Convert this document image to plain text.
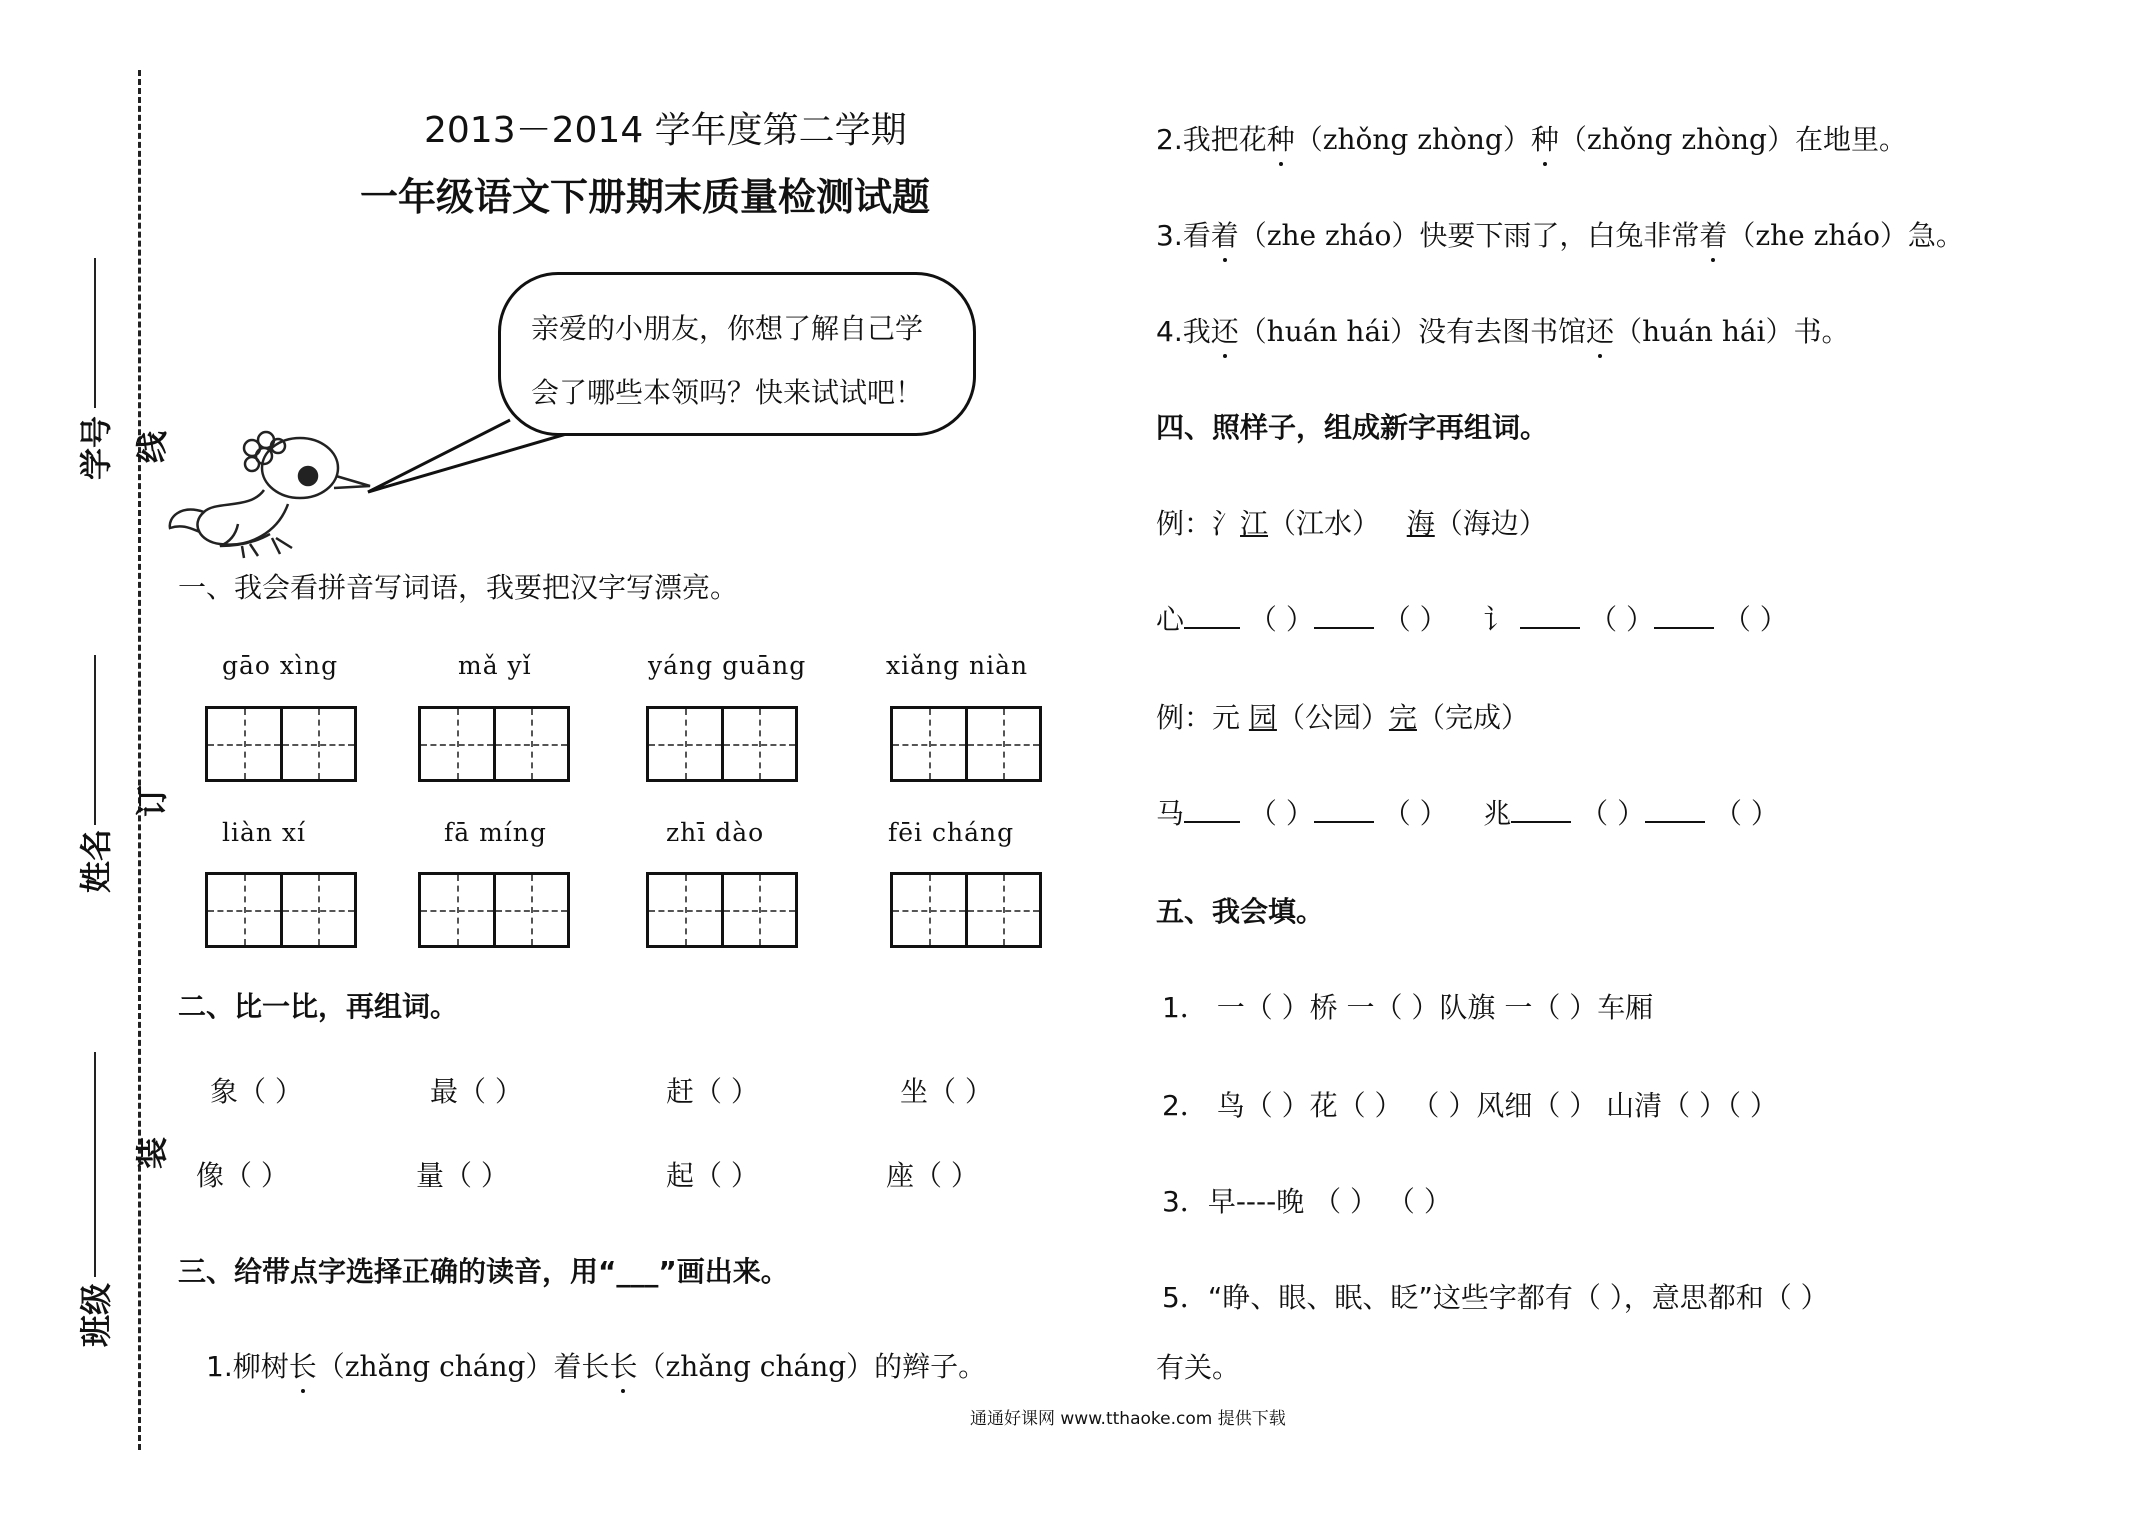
学号
姓名
班级
线
订
装
2013－2014 学年度第二学期
一年级语文下册期末质量检测试题
亲爱的小朋友，你想了解自己学
会了哪些本领吗？快来试试吧！
一、我会看拼音写词语，我要把汉字写漂亮。
gāo xìng	mǎ yǐ	yáng guāng	xiǎng niàn
liàn xí	fā míng	zhī dào	fēi cháng
二、比一比，再组词。
象（ ）	最（ ）	赶（ ）	坐（ ）
像（ ）	量（ ）	起（ ）	座（ ）
三、给带点字选择正确的读音，用“___”画出来。
1.柳树长（zhǎng cháng）着长长（zhǎng cháng）的辫子。
2.我把花种（zhǒng zhòng）种（zhǒng zhòng）在地里。
3.看着（zhe zháo）快要下雨了，白兔非常着（zhe zháo）急。
4.我还（huán hái）没有去图书馆还（huán hái）书。
四、照样子，组成新字再组词。
例：氵江（江水）   海（海边）
心 （ ） （ ） 讠	（ ） （ ）
例：元 园（公园）完（完成）
马 （ ） （ ） 兆 （ ） （ ）
五、我会填。
1． 一（ ）桥 一（ ）队旗 一（ ）车厢
2． 鸟（ ）花（ ） （ ）风细（ ） 山清（ ）（ ）
3．早----晚 （ ） （ ）
5．“睁、眼、眠、眨”这些字都有（ ），意思都和（ ）
有关。
通通好课网 www.tthaoke.com 提供下载
